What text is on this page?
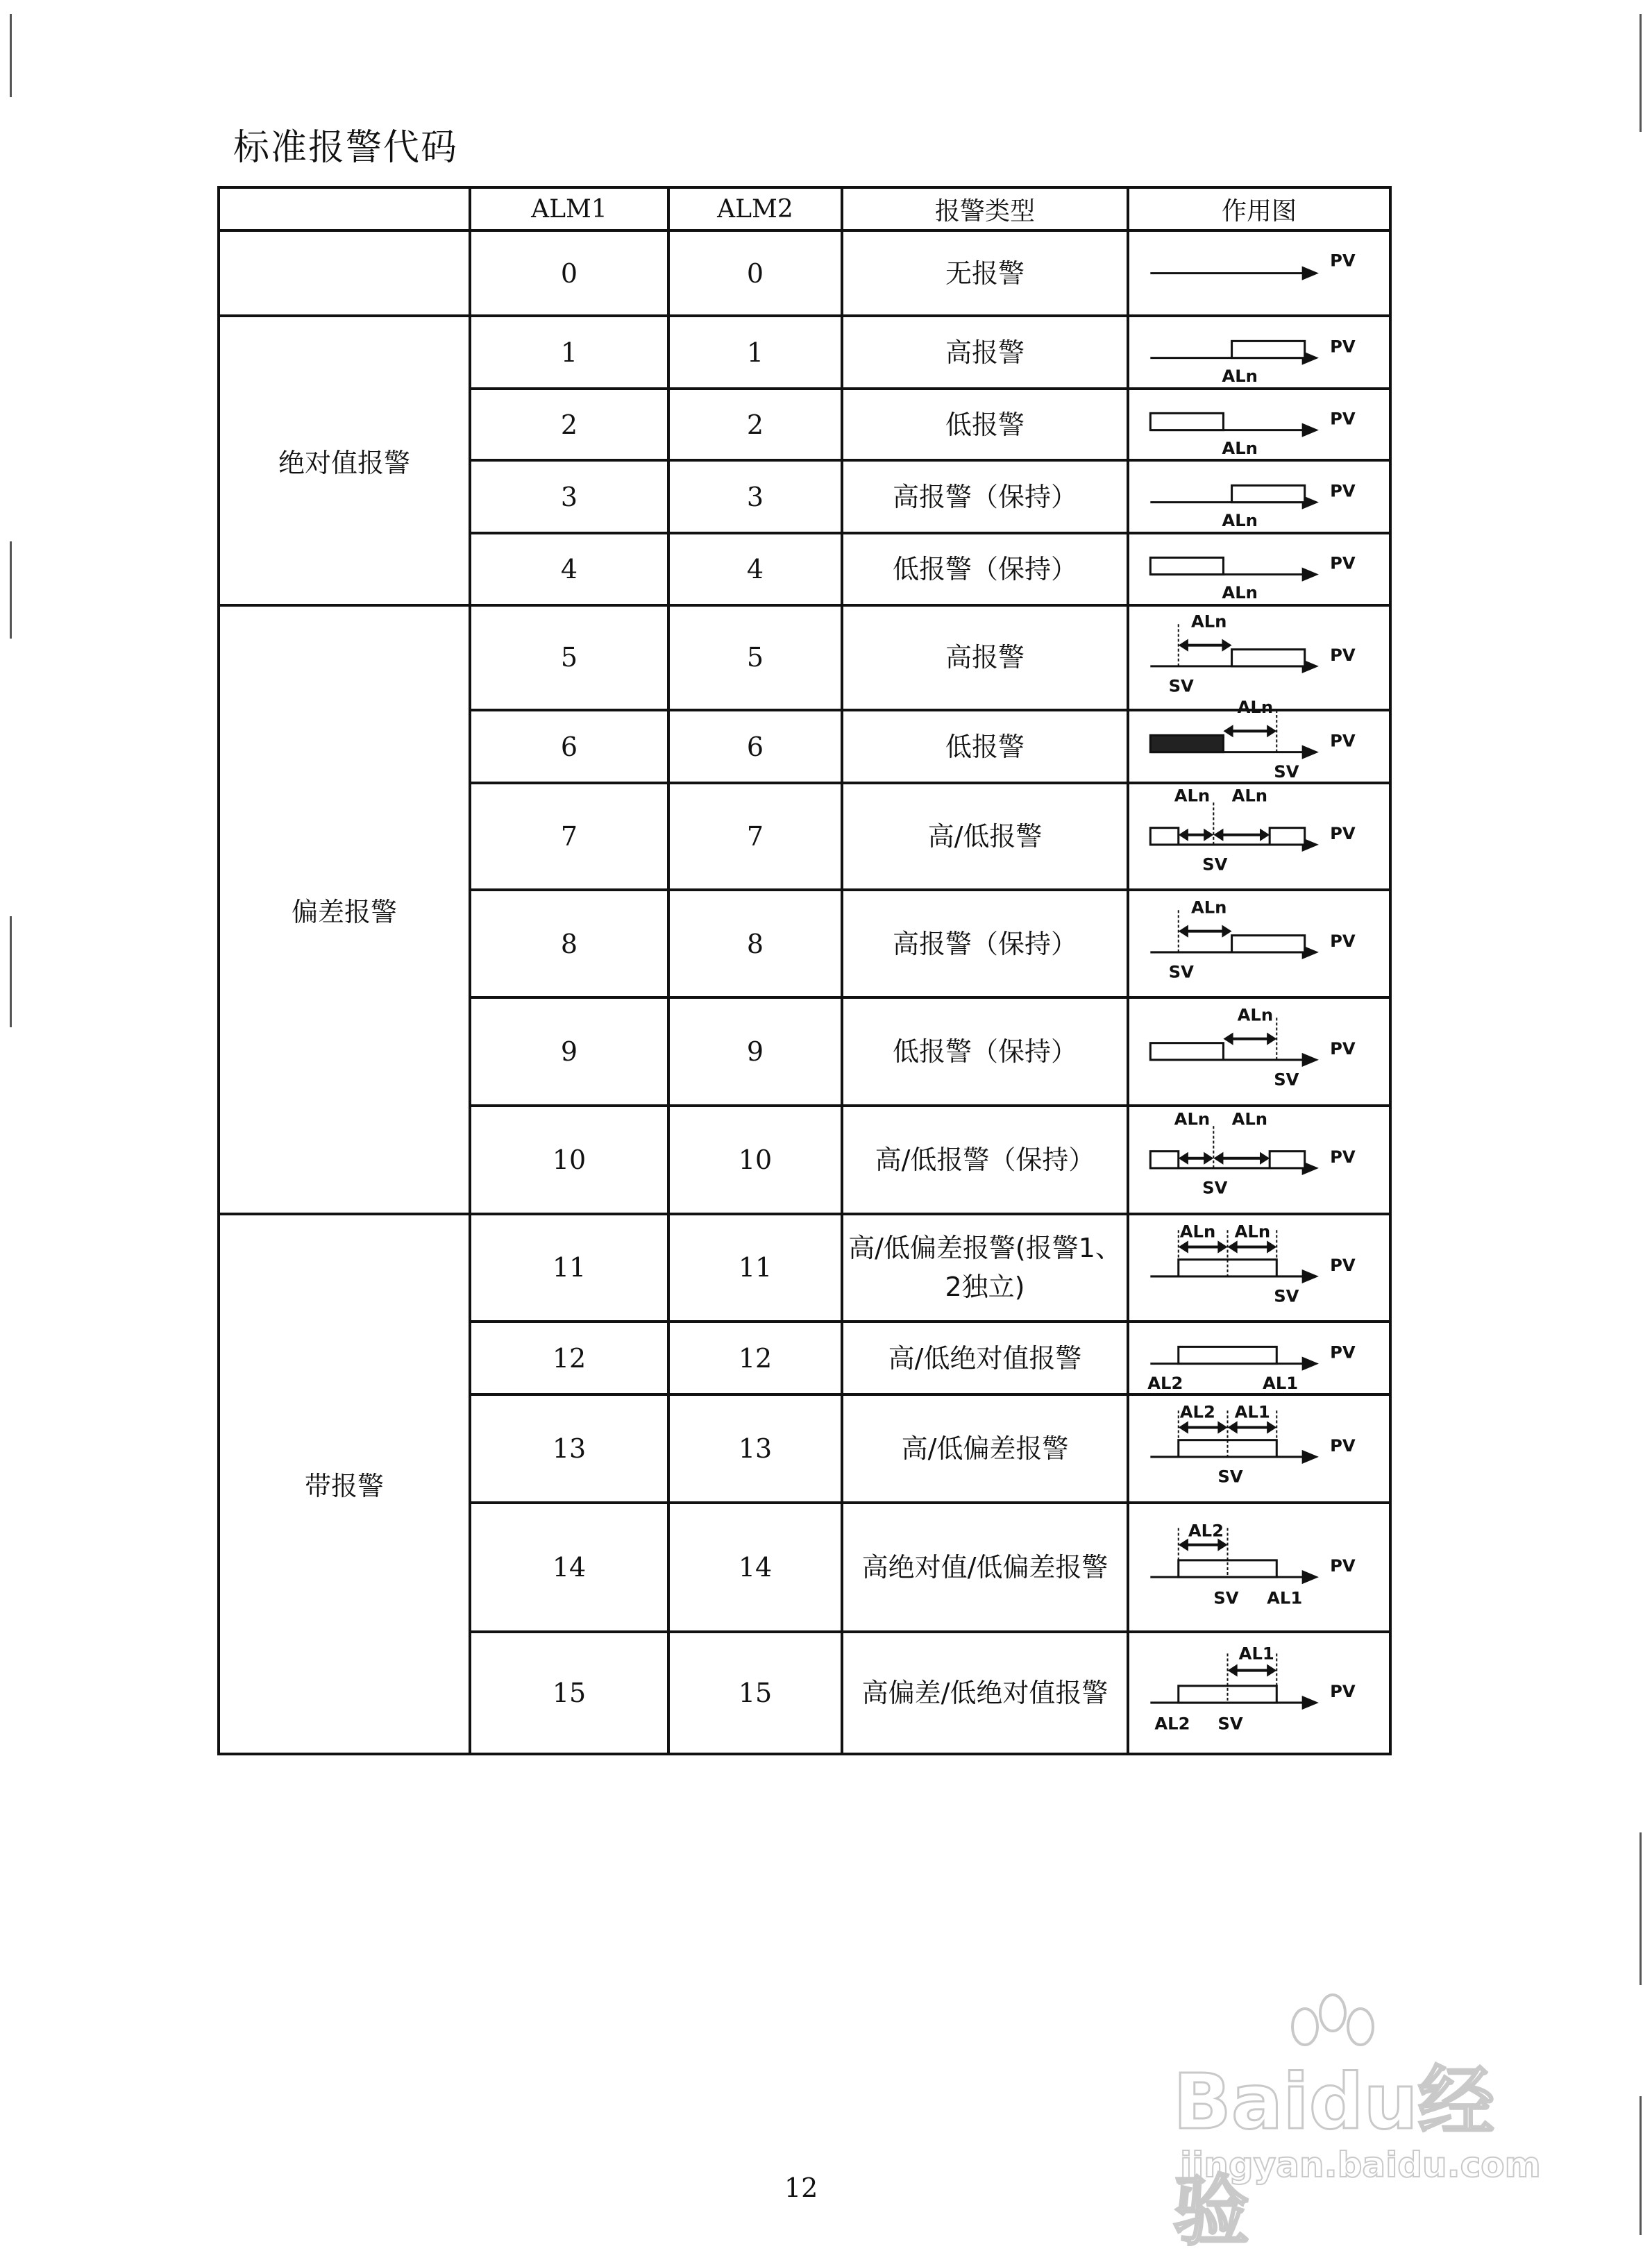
标准报警代码
	ALM1	ALM2	报警类型	作用图
	0	0	无报警	PV

绝对值报警	1	1	高报警	PV
ALn

	2	2	低报警	PV
ALn

	3	3	高报警（保持）	PV
ALn

	4	4	低报警（保持）	PV
ALn

偏差报警	5	5	高报警	PV
ALn
SV

	6	6	低报警	PV
ALn
SV

	7	7	高/低报警	PV
ALn ALn
SV

	8	8	高报警（保持）	PV
ALn
SV

	9	9	低报警（保持）	PV
ALn
SV

	10	10	高/低报警（保持）	PV
ALn ALn
SV

带报警	11	11	高/低偏差报警(报警1、2独立)	PV
ALn ALn
SV

	12	12	高/低绝对值报警	PV
AL2 AL1

	13	13	高/低偏差报警	PV
AL2 AL1
SV

	14	14	高绝对值/低偏差报警	PV
AL2
SV AL1

	15	15	高偏差/低绝对值报警	PV
AL1
AL2 SV
12
Baidu经验
jingyan.baidu.com
